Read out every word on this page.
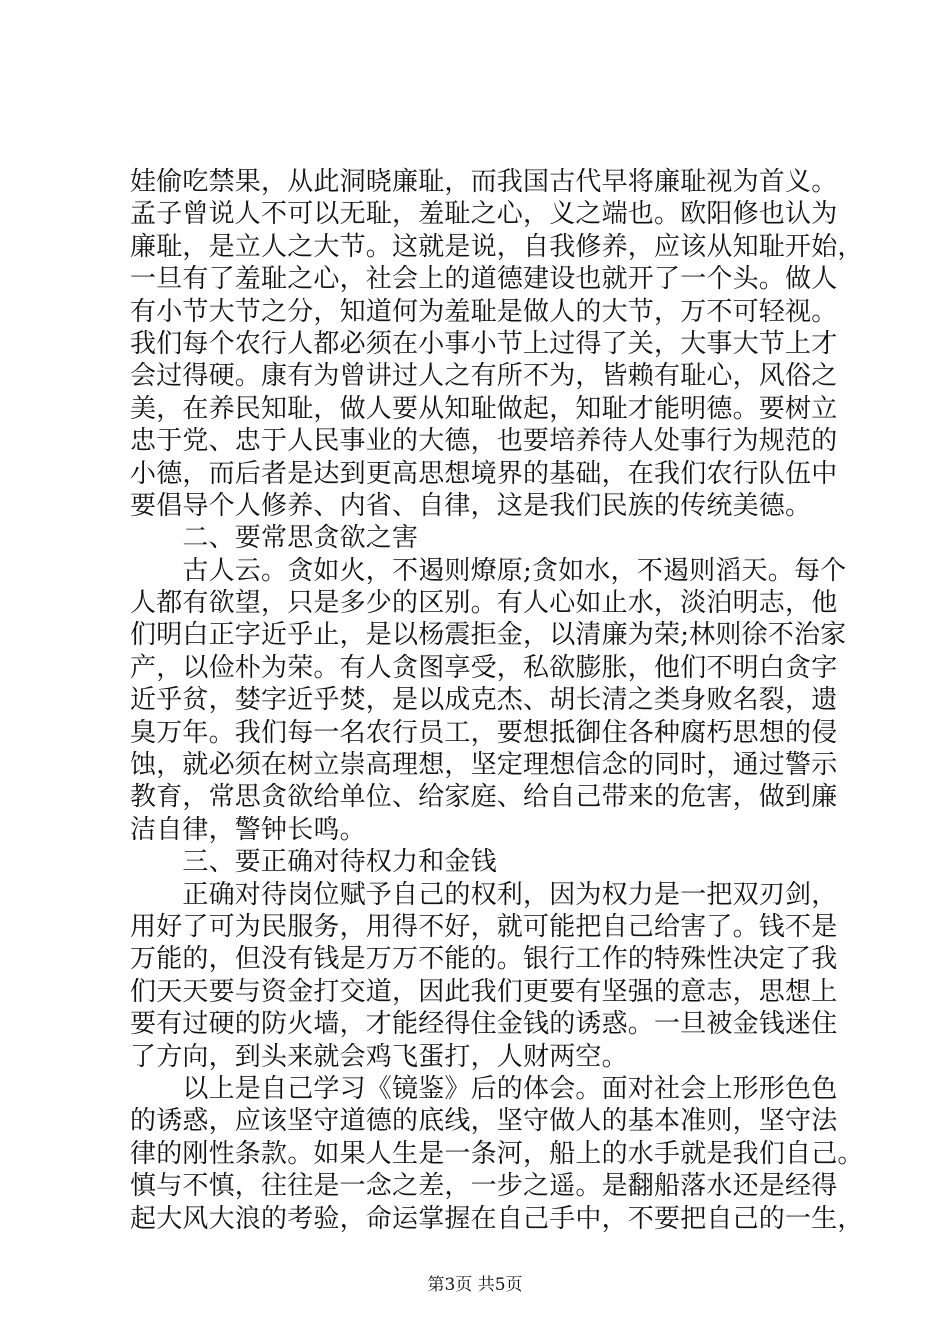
娃偷吃禁果，从此洞晓廉耻，而我国古代早将廉耻视为首义。
孟子曾说人不可以无耻，羞耻之心，义之端也。欧阳修也认为
廉耻，是立人之大节。这就是说，自我修养，应该从知耻开始，
一旦有了羞耻之心，社会上的道德建设也就开了一个头。做人
有小节大节之分，知道何为羞耻是做人的大节，万不可轻视。
我们每个农行人都必须在小事小节上过得了关，大事大节上才
会过得硬。康有为曾讲过人之有所不为，皆赖有耻心，风俗之
美，在养民知耻，做人要从知耻做起，知耻才能明德。要树立
忠于党、忠于人民事业的大德，也要培养待人处事行为规范的
小德，而后者是达到更高思想境界的基础，在我们农行队伍中
要倡导个人修养、内省、自律，这是我们民族的传统美德。
　　二、要常思贪欲之害
　　古人云。贪如火，不遏则燎原;贪如水，不遏则滔天。每个
人都有欲望，只是多少的区别。有人心如止水，淡泊明志，他
们明白正字近乎止，是以杨震拒金，以清廉为荣;林则徐不治家
产，以俭朴为荣。有人贪图享受，私欲膨胀，他们不明白贪字
近乎贫，婪字近乎焚，是以成克杰、胡长清之类身败名裂，遗
臭万年。我们每一名农行员工，要想抵御住各种腐朽思想的侵
蚀，就必须在树立崇高理想，坚定理想信念的同时，通过警示
教育，常思贪欲给单位、给家庭、给自己带来的危害，做到廉
洁自律，警钟长鸣。
　　三、要正确对待权力和金钱
　　正确对待岗位赋予自己的权利，因为权力是一把双刃剑，
用好了可为民服务，用得不好，就可能把自己给害了。钱不是
万能的，但没有钱是万万不能的。银行工作的特殊性决定了我
们天天要与资金打交道，因此我们更要有坚强的意志，思想上
要有过硬的防火墙，才能经得住金钱的诱惑。一旦被金钱迷住
了方向，到头来就会鸡飞蛋打，人财两空。
　　以上是自己学习《镜鉴》后的体会。面对社会上形形色色
的诱惑，应该坚守道德的底线，坚守做人的基本准则，坚守法
律的刚性条款。如果人生是一条河，船上的水手就是我们自己。
慎与不慎，往往是一念之差，一步之遥。是翻船落水还是经得
起大风大浪的考验，命运掌握在自己手中，不要把自己的一生，
第3页 共5页
